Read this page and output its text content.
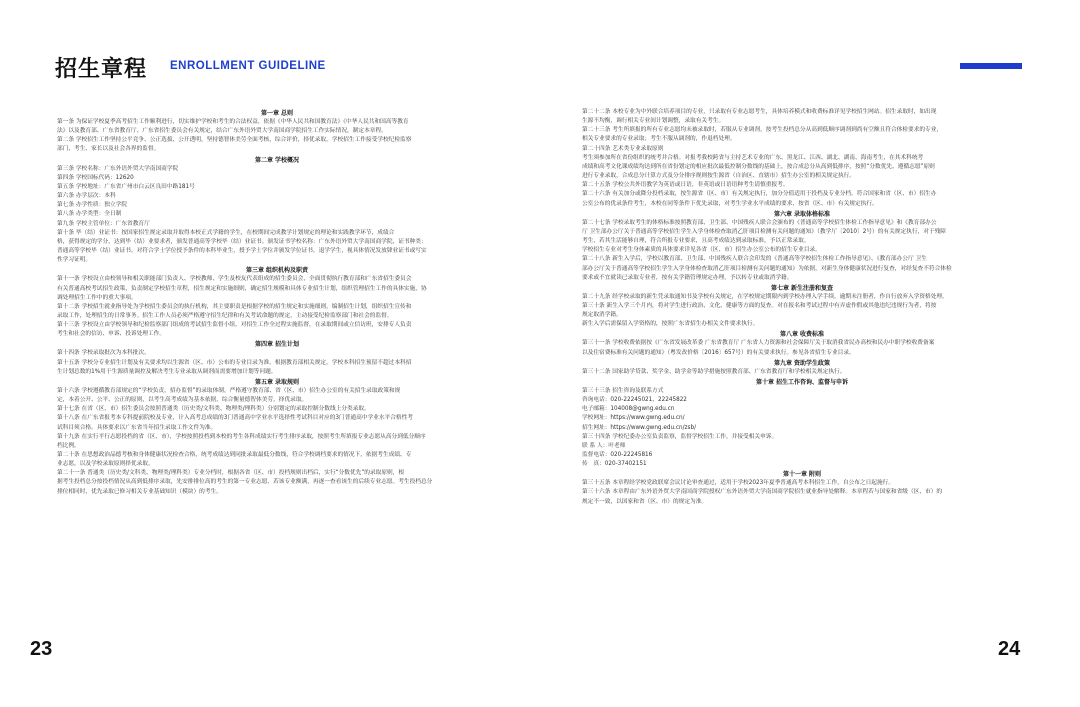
招生章程 ENROLLMENT GUIDELINE
第一章 总则
第一条 为保证学校夏季高考招生工作顺利进行，切实维护学校和考生的合法权益，依据《中华人民共和国教育法》《中华人民共和国高等教育
法》以及教育部、广东省教育厅、广东省招生委员会有关规定，结合广东外语外贸大学南国商学院招生工作实际情况，制定本章程。
第二条 学校招生工作坚持公平竞争、公正选拔、公开透明，坚持德智体美劳全面考核，综合评价，择优录取。学校招生工作接受学校纪检监察
部门、考生、家长以及社会各界的监督。
第二章 学校概况
第三条 学校名称：广东外语外贸大学南国商学院
第四条 学校国标代码：12620
第五条 学校地址：广东省广州市白云区良田中路181号
第六条 办学层次：本科
第七条 办学性质：独立学院
第八条 办学类型：全日制
第九条 学校主管单位：广东省教育厅
第十条 毕（结）业证书：按国家招生规定录取并取得本校正式学籍的学生，在校期间完成教学计划规定的理论和实践教学环节，成绩合
格，获得规定的学分，达到毕（结）业要求者，颁发普通高等学校毕（结）业证书。颁发证书学校名称：广东外语外贸大学南国商学院，证书种类：
普通高等学校毕（结）业证书。对符合学士学位授予条件的本科毕业生，授予学士学位并颁发学位证书。退学学生，视具体情况发放肄业证书或写实
性学习证明。
第三章 组织机构及职责
第十一条 学校设立由校领导和相关职能部门负责人、学校教师、学生及校友代表组成的招生委员会，全面贯彻执行教育部和广东省招生委员会
有关普通高校考试招生政策，负责制定学校招生章程，招生规定和实施细则，确定招生规模和具体专业招生计划，组织管理招生工作的具体实施，协
调处理招生工作中的重大事项。
第十二条 学校招生就业指导处为学校招生委员会的执行机构，其主要职责是根据学校的招生规定和实施细则，编制招生计划，组织招生宣传和
录取工作，处理招生的日常事务。招生工作人员必须严格遵守招生纪律和有关考试命题的规定，主动接受纪检监察部门和社会的监督。
第十三条 学校设立由学校领导和纪检监察部门组成的考试招生监督小组，对招生工作全过程实施监督，在录取期间或立信访班，安排专人负责
考生和社会的信访、申诉、投诉处理工作。
第四章 招生计划
第十四条 学校录取批次为本科批次。
第十五条 学校分专业招生计划及有关要求均以生源省（区、市）公布的专业目录为准。根据教育部相关规定，学校本科招生预留不超过本科招
生计划总数的1%用于生源质量调控及解决考生专业录取从调剂而需要增加计划等问题。
第五章 录取规则
第十六条 学校遵循教育部规定的“学校负责，招办监督”的录取体制，严格遵守教育部、省（区、市）招生办公室的有关招生录取政策和规
定，本着公开、公平、公正的原则，以考生高考成绩为基本依据，综合衡量德智体美劳，择优录取。
第十七条 在省（区、市）招生委员会按照普通类（历史类/文科类、物理类/理科类）分别划定的录取控制分数线上分类录取。
第十八条 在广东省报考本专科提前院校及专业，计入高考总成绩的3门普通高中学业水平选择性考试科目对应的3门普通高中学业水平合格性考
试科目须合格。具体要求以广东省当年招生录取工作文件为准。
第十九条 在实行平行志愿投档的省（区、市），学校按照投档到本校的考生各科成绩实行考生排序录取，按照考生所填报专业志愿从高分到低分顺序
档比例。
第二十条 在思想政治品德考核和身体健康状况检查合格，统考成绩达到同批录取最低分数线，符合学校调档要求的情况下，依据考生成绩、专
业志愿，以及学校录取原则择优录取。
第二十一条 普通类（历史类/文科类、物理类/理科类）专业分档时，根据各省（区、市）投档规则出档后，实行“分数优先”的录取原则，根
据考生投档总分按投档情况从高到低排序录取，先安排排位高的考生的第一专业志愿，若该专业额满，再逐一查看该生的后续专业志愿。考生投档总分
排位相同时，优先录取已修习相关专业基础知识（模块）的考生。
23
第二十二条 本校专业为中外联合培养项目的专业，只录取有专业志愿考生，具体培养模式和收费标准详见学校招生网站。招生录取时，如出现
生源不均衡，调行相关专业间计划调整，录取有关考生。
第二十三条 考生所填报的所有专业志愿均未被录取时，若服从专业调剂，按考生投档总分从高到低顺序调剂到尚有空额且符合体检要求的专业，
相关专业要求的专业录取；考生不服从调剂的，作退档处理。
第二十四条 艺术类专业录取原则
考生须参加所在省份组织的统考并合格。对报考我校跨省与主持艺术专业的广东、黑龙江、江西、湖北、湖南、海南考生，在其术科统考
成绩和高考文化课成绩均达到所在省份划定的相应批次最低控制分数线的基础上，按合成总分从高到低排序，按照“分数优先、遵循志愿”原则
进行专业录取，合成总分计算方式及分分排序规则按生源省（自治区、直辖市）招生办公室的相关规定执行。
第二十五条 学校公共外语教学为英语或日语，非英语或日语语种考生请慎重报考。
第二十六条 有关加分或降分投档录取，按生源省（区、市）有关规定执行，加分分值适用于投档及专业分档。符合国家和省（区、市）招生办
公室公布的优录条件考生，本校在同等条件下优先录取，对考生学业水平成绩的要求，按省（区、市）有关规定执行。
第六章 录取体格标准
第二十七条 学校录取考生的体格标准按照教育部、卫生部、中国残疾人联合会颁布的《普通高等学校招生体检工作指导意见》和《教育部办公
厅 卫生部办公厅关于普通高等学校招生学生入学身体检查取消乙肝项目检测有关问题的通知》（教学厅〔2010〕2号）的有关规定执行，对于残障
考生，若其生活能够自理，符合所报专业要求，且高考成绩达到录取标准，予以正常录取。
学校招生专业对考生身体素质的具体要求详见各省（区、市）招生办公室公布的招生专业目录。
第二十八条 新生入学后，学校以教育部、卫生部、中国残疾人联合会印发的《普通高等学校招生体检工作指导意见》、《教育部办公厅 卫生
部办公厅关于普通高等学校招生学生入学身体检查取消乙肝项目检测有关问题的通知》为依据，对新生身体健康状况进行复查，对经复查不符合体检
要求或不宜就读已录取专业者，按有关学籍管理规定办理，予以转专业或取消学籍。
第七章 新生注册和复查
第二十九条 经学校录取的新生凭录取通知书及学校有关规定，在学校规定期限内到学校办理入学手续，逾期未注册者，作自行放弃入学资格处理。
第三十条 新生入学三个月内，将对学生进行政治、文化、健康等方面的复查。对在报名和考试过程中有弄虚作假或其他违纪违规行为者，将按
规定取消学籍。
新生入学后需保留入学资格的，按照广东省招生办相关文件要求执行。
第八章 收费标准
第三十一条 学校收费依据按《广东省发展改革委 广东省教育厅 广东省人力资源和社会保障厅关于取消我省民办高校和民办中职学校收费备案
以及住宿费标准有关问题的通知》（粤发改价格〔2016〕657号）的有关要求执行。参见各省招生专业目录。
第九章 资助学生政策
第三十二条 国家助学贷款、奖学金、助学金等助学措施按照教育部、广东省教育厅和学校相关规定执行。
第十章 招生工作咨询、监督与申诉
第三十三条 招生咨询及联系方式
咨询电话：020-22245021、22245822
电子邮箱：104008@gwng.edu.cn
学校网址：https://www.gwng.edu.cn/
招生网址：https://www.gwng.edu.cn/zsb/
第三十四条 学校纪委办公室负责监察，监督学校招生工作，并接受相关申诉。
联 系 人：叶老师
监督电话：020-22245816
传　真：020-37402151
第十一章 附则
第三十五条 本章程经学校党政联席会议讨论审查通过，适用于学校2023年夏季普通高考本科招生工作，自公布之日起施行。
第三十六条 本章程由广东外语外贸大学南国商学院授权广东外语外贸大学南国商学院招生就业指导处解释。本章程若与国家和省级（区、市）的
规定不一致，以国家和省（区、市）的规定为准。
24
